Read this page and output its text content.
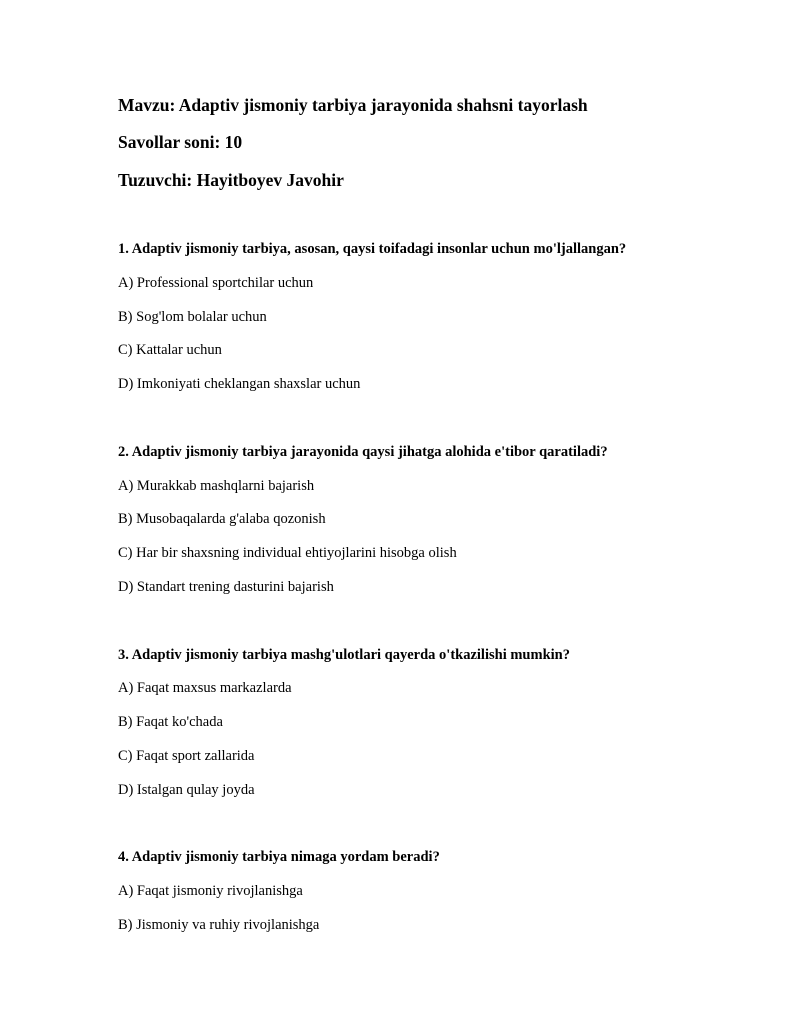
Mavzu: Adaptiv jismoniy tarbiya jarayonida shahsni tayorlash
Savollar soni: 10
Tuzuvchi: Hayitboyev Javohir
1. Adaptiv jismoniy tarbiya, asosan, qaysi toifadagi insonlar uchun mo'ljallangan?
A) Professional sportchilar uchun
B) Sog'lom bolalar uchun
C) Kattalar uchun
D) Imkoniyati cheklangan shaxslar uchun
2. Adaptiv jismoniy tarbiya jarayonida qaysi jihatga alohida e'tibor qaratiladi?
A) Murakkab mashqlarni bajarish
B) Musobaqalarda g'alaba qozonish
C) Har bir shaxsning individual ehtiyojlarini hisobga olish
D) Standart trening dasturini bajarish
3. Adaptiv jismoniy tarbiya mashg'ulotlari qayerda o'tkazilishi mumkin?
A) Faqat maxsus markazlarda
B) Faqat ko'chada
C) Faqat sport zallarida
D) Istalgan qulay joyda
4. Adaptiv jismoniy tarbiya nimaga yordam beradi?
A) Faqat jismoniy rivojlanishga
B) Jismoniy va ruhiy rivojlanishga
